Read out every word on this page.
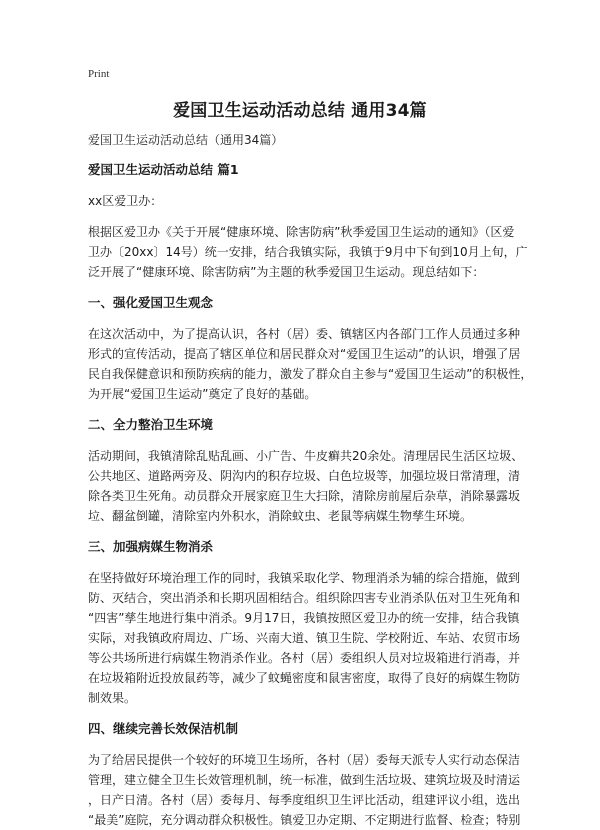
Print
爱国卫生运动活动总结 通用34篇
爱国卫生运动活动总结（通用34篇）

爱国卫生运动活动总结 篇1

xx区爱卫办：

根据区爱卫办《关于开展“健康环境、除害防病”秋季爱国卫生运动的通知》（区爱
卫办〔20xx〕14号）统一安排，结合我镇实际，我镇于9月中下旬到10月上旬，广
泛开展了“健康环境、除害防病”为主题的秋季爱国卫生运动。现总结如下：

一、强化爱国卫生观念

在这次活动中，为了提高认识，各村（居）委、镇辖区内各部门工作人员通过多种
形式的宣传活动，提高了辖区单位和居民群众对“爱国卫生运动”的认识，增强了居
民自我保健意识和预防疾病的能力，激发了群众自主参与“爱国卫生运动”的积极性，
为开展“爱国卫生运动”奠定了良好的基础。

二、全力整治卫生环境

活动期间，我镇清除乱贴乱画、小广告、牛皮癣共20余处。清理居民生活区垃圾、
公共地区、道路两旁及、阴沟内的积存垃圾、白色垃圾等，加强垃圾日常清理，清
除各类卫生死角。动员群众开展家庭卫生大扫除，清除房前屋后杂草，消除暴露坂
垃、翻盆倒罐，清除室内外积水，消除蚊虫、老鼠等病媒生物孳生环境。

三、加强病媒生物消杀

在坚持做好环境治理工作的同时，我镇采取化学、物理消杀为辅的综合措施，做到
防、灭结合，突出消杀和长期巩固相结合。组织除四害专业消杀队伍对卫生死角和
“四害”孳生地进行集中消杀。9月17日，我镇按照区爱卫办的统一安排，结合我镇
实际，对我镇政府周边、广场、兴南大道、镇卫生院、学校附近、车站、农贸市场
等公共场所进行病媒生物消杀作业。各村（居）委组织人员对垃圾箱进行消毒，并
在垃圾箱附近投放鼠药等，减少了蚊蝇密度和鼠害密度，取得了良好的病媒生物防
制效果。

四、继续完善长效保洁机制

为了给居民提供一个较好的环境卫生场所，各村（居）委每天派专人实行动态保洁
管理，建立健全卫生长效管理机制，统一标准，做到生活垃圾、建筑垃圾及时清运
，日产日清。各村（居）委每月、每季度组织卫生评比活动，组建评议小组，选出
“最美”庭院，充分调动群众积极性。镇爱卫办定期、不定期进行监督、检查；特别
